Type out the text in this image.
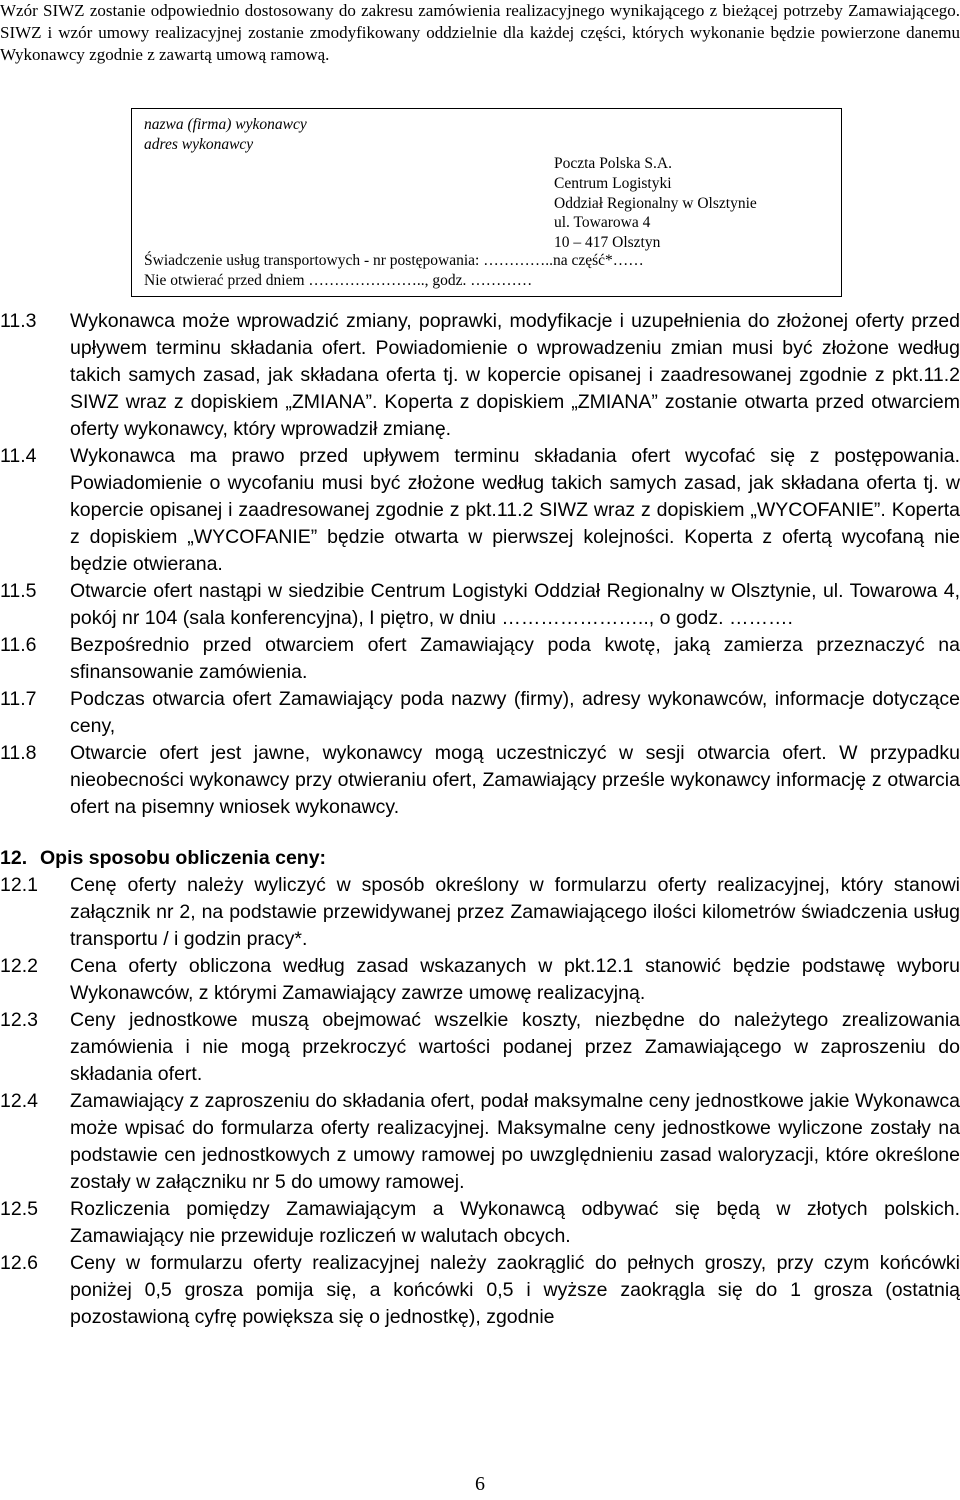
Wzór SIWZ zostanie odpowiednio dostosowany do zakresu zamówienia realizacyjnego wynikającego z bieżącej potrzeby Zamawiającego. SIWZ i wzór umowy realizacyjnej zostanie zmodyfikowany oddzielnie dla każdej części, których wykonanie będzie powierzone danemu Wykonawcy zgodnie z zawartą umową ramową.

nazwa (firma) wykonawcy
adres wykonawcy
Poczta Polska S.A.
Centrum Logistyki
Oddział Regionalny w Olsztynie
ul. Towarowa 4
10 – 417 Olsztyn
Świadczenie usług transportowych - nr postępowania: …………..na część*……
Nie otwierać przed dniem ………………….., godz. …………
11.3	Wykonawca może wprowadzić zmiany, poprawki, modyfikacje i uzupełnienia do złożonej oferty przed upływem terminu składania ofert. Powiadomienie o wprowadzeniu zmian musi być złożone według takich samych zasad, jak składana oferta tj. w kopercie opisanej i zaadresowanej zgodnie z pkt.11.2 SIWZ wraz z dopiskiem „ZMIANA”. Koperta z dopiskiem „ZMIANA” zostanie otwarta przed otwarciem oferty wykonawcy, który wprowadził zmianę.
11.4	Wykonawca ma prawo przed upływem terminu składania ofert wycofać się z postępowania. Powiadomienie o wycofaniu musi być złożone według takich samych zasad, jak składana oferta tj. w kopercie opisanej i zaadresowanej zgodnie z pkt.11.2 SIWZ wraz z dopiskiem „WYCOFANIE”. Koperta z dopiskiem „WYCOFANIE” będzie otwarta w pierwszej kolejności. Koperta z ofertą wycofaną nie będzie otwierana.
11.5	Otwarcie ofert nastąpi w siedzibie Centrum Logistyki Oddział Regionalny w Olsztynie, ul. Towarowa 4, pokój nr 104 (sala konferencyjna), I piętro, w dniu ………………….., o godz. ……….
11.6	Bezpośrednio przed otwarciem ofert Zamawiający poda kwotę, jaką zamierza przeznaczyć na sfinansowanie zamówienia.
11.7	Podczas otwarcia ofert Zamawiający poda nazwy (firmy), adresy wykonawców, informacje dotyczące ceny,
11.8	Otwarcie ofert jest jawne, wykonawcy mogą uczestniczyć w sesji otwarcia ofert. W przypadku nieobecności wykonawcy przy otwieraniu ofert, Zamawiający prześle wykonawcy informację z otwarcia ofert na pisemny wniosek wykonawcy.
12. Opis sposobu obliczenia ceny:
12.1	Cenę oferty należy wyliczyć w sposób określony w formularzu oferty realizacyjnej, który stanowi załącznik nr 2, na podstawie przewidywanej przez Zamawiającego ilości kilometrów świadczenia usług transportu / i godzin pracy*.
12.2	Cena oferty obliczona według zasad wskazanych w pkt.12.1 stanowić będzie podstawę wyboru Wykonawców, z którymi Zamawiający zawrze umowę realizacyjną.
12.3	Ceny jednostkowe muszą obejmować wszelkie koszty, niezbędne do należytego zrealizowania zamówienia i nie mogą przekroczyć wartości podanej przez Zamawiającego w zaproszeniu do składania ofert.
12.4	Zamawiający z zaproszeniu do składania ofert, podał maksymalne ceny jednostkowe jakie Wykonawca może wpisać do formularza oferty realizacyjnej. Maksymalne ceny jednostkowe wyliczone zostały na podstawie cen jednostkowych z umowy ramowej po uwzględnieniu zasad waloryzacji, które określone zostały w załączniku nr 5 do umowy ramowej.
12.5	Rozliczenia pomiędzy Zamawiającym a Wykonawcą odbywać się będą w złotych polskich. Zamawiający nie przewiduje rozliczeń w walutach obcych.
12.6	Ceny w formularzu oferty realizacyjnej należy zaokrąglić do pełnych groszy, przy czym końcówki poniżej 0,5 grosza pomija się, a końcówki 0,5 i wyższe zaokrągla się do 1 grosza (ostatnią pozostawioną cyfrę powiększa się o jednostkę), zgodnie
6
